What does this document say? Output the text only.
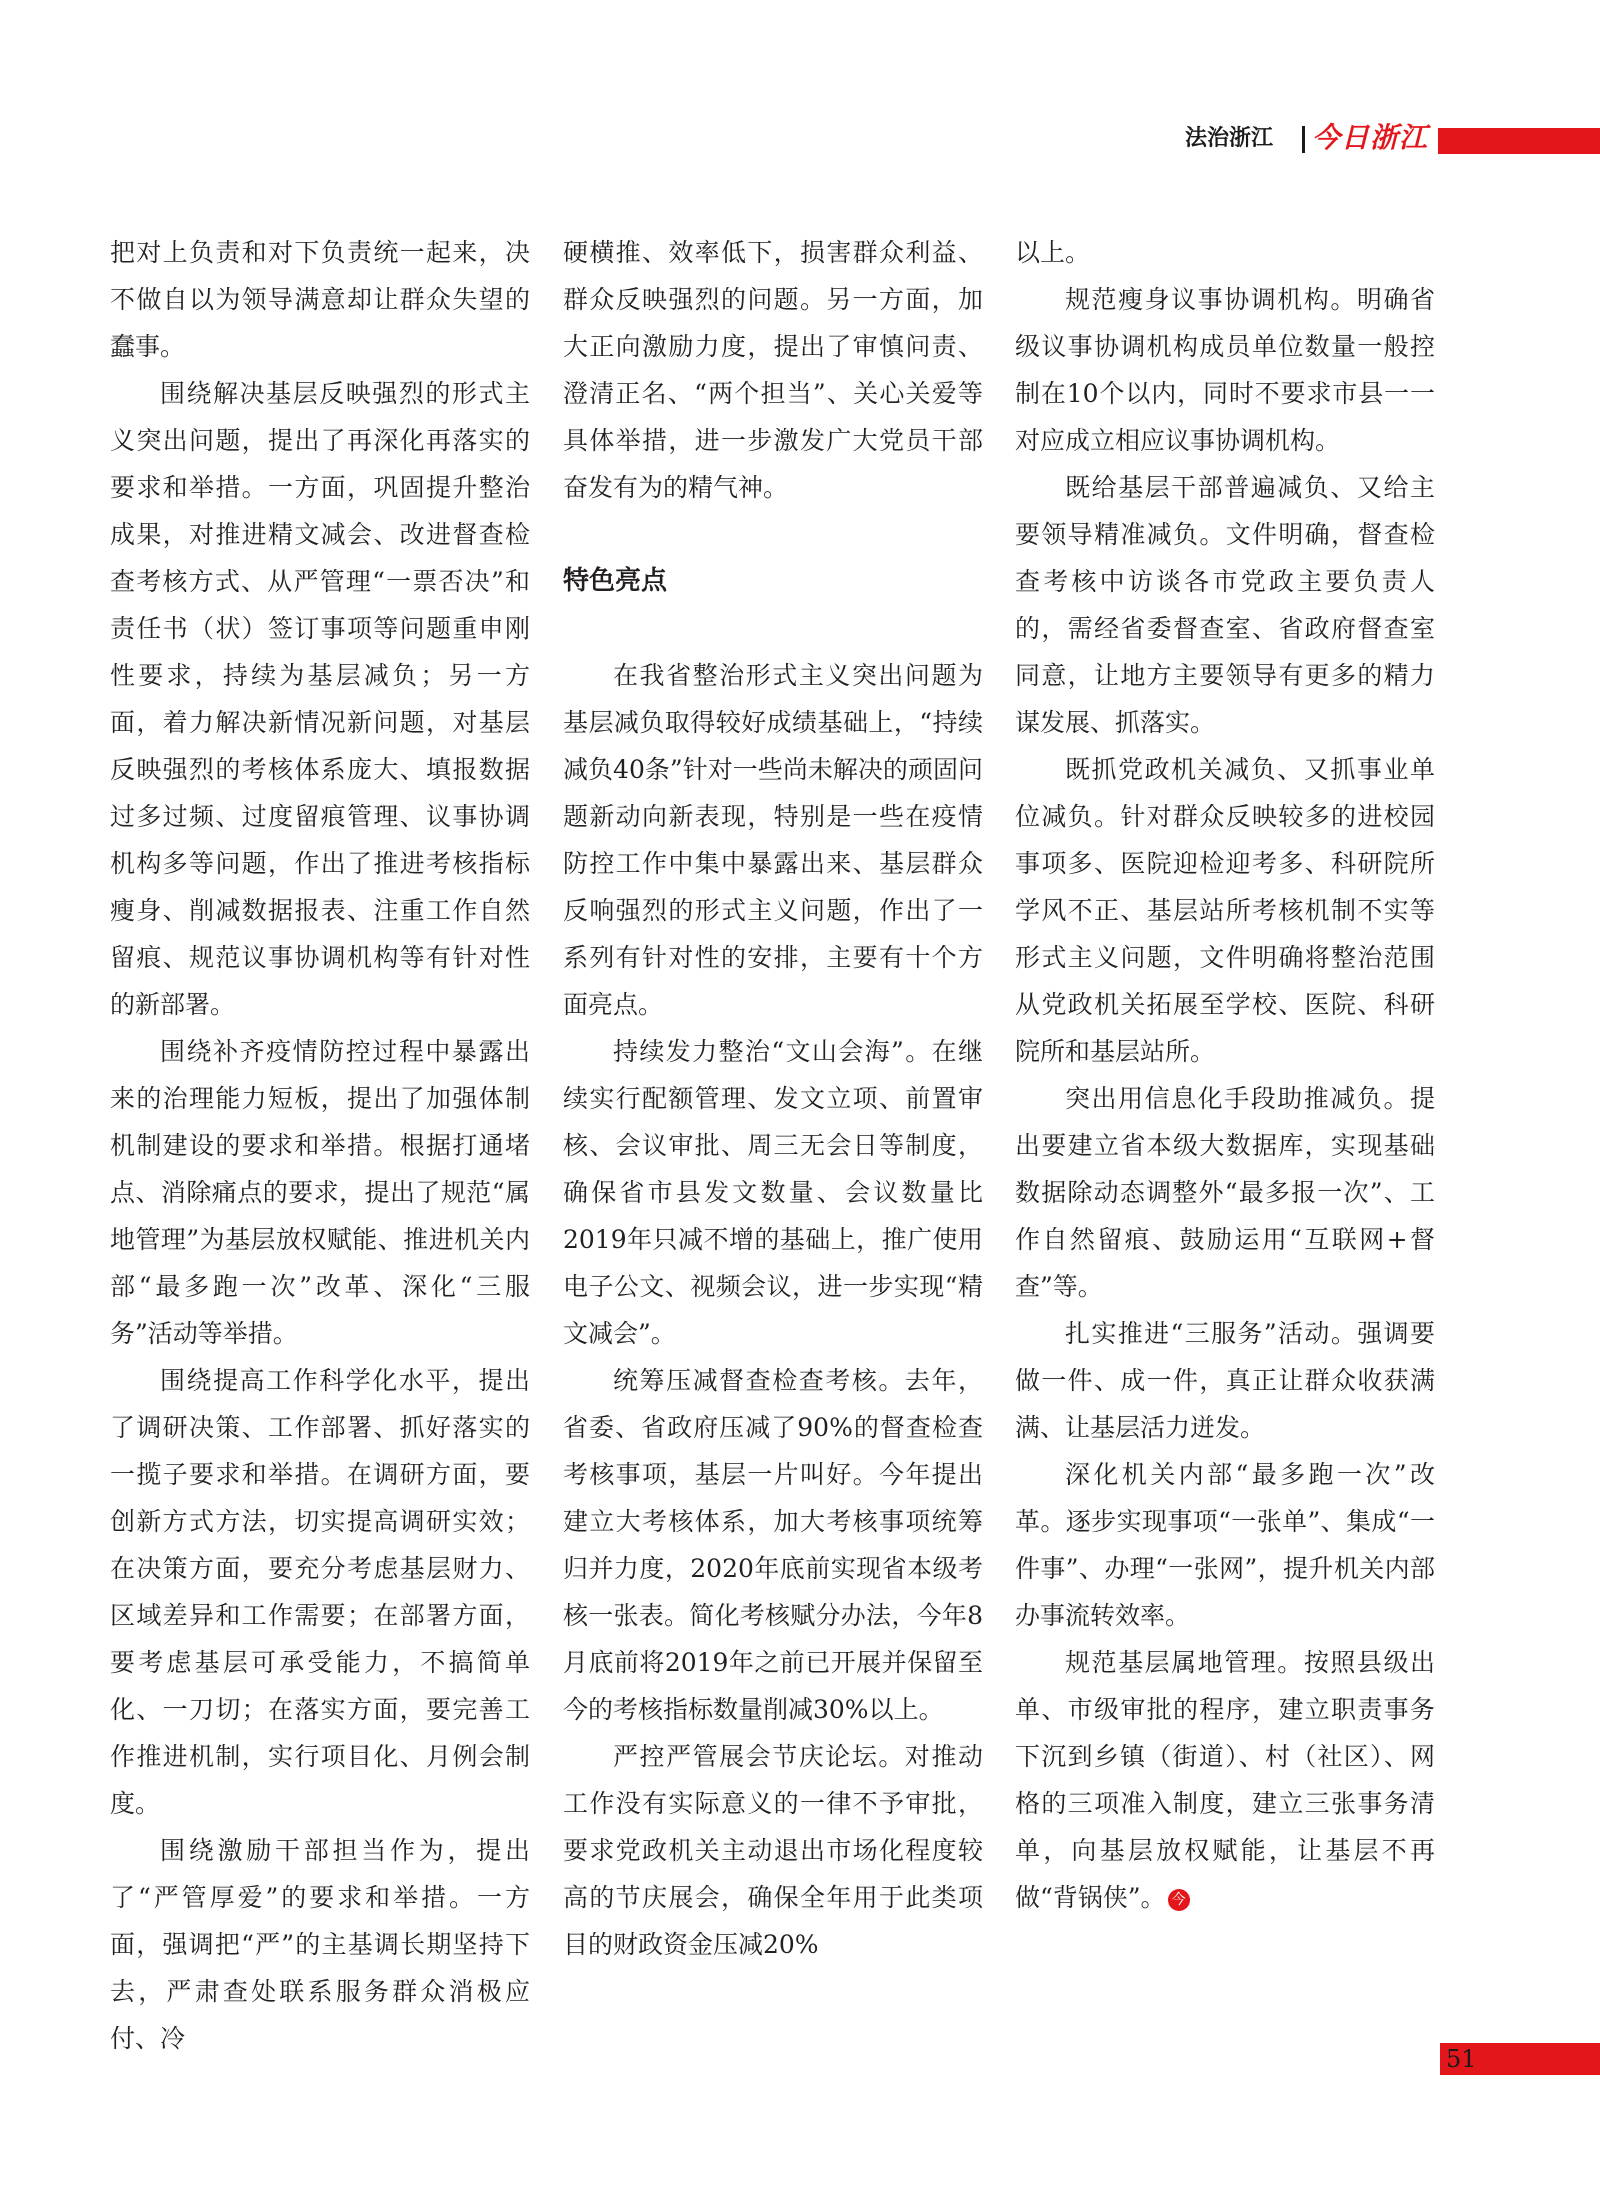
法治浙江 今日浙江

把对上负责和对下负责统一起来，决不做自以为领导满意却让群众失望的蠢事。

围绕解决基层反映强烈的形式主义突出问题，提出了再深化再落实的要求和举措。一方面，巩固提升整治成果，对推进精文减会、改进督查检查考核方式、从严管理“一票否决”和责任书（状）签订事项等问题重申刚性要求，持续为基层减负；另一方面，着力解决新情况新问题，对基层反映强烈的考核体系庞大、填报数据过多过频、过度留痕管理、议事协调机构多等问题，作出了推进考核指标瘦身、削减数据报表、注重工作自然留痕、规范议事协调机构等有针对性的新部署。

围绕补齐疫情防控过程中暴露出来的治理能力短板，提出了加强体制机制建设的要求和举措。根据打通堵点、消除痛点的要求，提出了规范“属地管理”为基层放权赋能、推进机关内部“最多跑一次”改革、深化“三服务”活动等举措。

围绕提高工作科学化水平，提出了调研决策、工作部署、抓好落实的一揽子要求和举措。在调研方面，要创新方式方法，切实提高调研实效；在决策方面，要充分考虑基层财力、区域差异和工作需要；在部署方面，要考虑基层可承受能力，不搞简单化、一刀切；在落实方面，要完善工作推进机制，实行项目化、月例会制度。

围绕激励干部担当作为，提出了“严管厚爱”的要求和举措。一方面，强调把“严”的主基调长期坚持下去，严肃查处联系服务群众消极应付、冷

硬横推、效率低下，损害群众利益、群众反映强烈的问题。另一方面，加大正向激励力度，提出了审慎问责、澄清正名、“两个担当”、关心关爱等具体举措，进一步激发广大党员干部奋发有为的精气神。

特色亮点

在我省整治形式主义突出问题为基层减负取得较好成绩基础上，“持续减负40条”针对一些尚未解决的顽固问题新动向新表现，特别是一些在疫情防控工作中集中暴露出来、基层群众反响强烈的形式主义问题，作出了一系列有针对性的安排，主要有十个方面亮点。

持续发力整治“文山会海”。在继续实行配额管理、发文立项、前置审核、会议审批、周三无会日等制度，确保省市县发文数量、会议数量比2019年只减不增的基础上，推广使用电子公文、视频会议，进一步实现“精文减会”。

统筹压减督查检查考核。去年，省委、省政府压减了90%的督查检查考核事项，基层一片叫好。今年提出建立大考核体系，加大考核事项统筹归并力度，2020年底前实现省本级考核一张表。简化考核赋分办法，今年8月底前将2019年之前已开展并保留至今的考核指标数量削减30%以上。

严控严管展会节庆论坛。对推动工作没有实际意义的一律不予审批，要求党政机关主动退出市场化程度较高的节庆展会，确保全年用于此类项目的财政资金压减20%

以上。

规范瘦身议事协调机构。明确省级议事协调机构成员单位数量一般控制在10个以内，同时不要求市县一一对应成立相应议事协调机构。

既给基层干部普遍减负、又给主要领导精准减负。文件明确，督查检查考核中访谈各市党政主要负责人的，需经省委督查室、省政府督查室同意，让地方主要领导有更多的精力谋发展、抓落实。

既抓党政机关减负、又抓事业单位减负。针对群众反映较多的进校园事项多、医院迎检迎考多、科研院所学风不正、基层站所考核机制不实等形式主义问题，文件明确将整治范围从党政机关拓展至学校、医院、科研院所和基层站所。

突出用信息化手段助推减负。提出要建立省本级大数据库，实现基础数据除动态调整外“最多报一次”、工作自然留痕、鼓励运用“互联网+督查”等。

扎实推进“三服务”活动。强调要做一件、成一件，真正让群众收获满满、让基层活力迸发。

深化机关内部“最多跑一次”改革。逐步实现事项“一张单”、集成“一件事”、办理“一张网”，提升机关内部办事流转效率。

规范基层属地管理。按照县级出单、市级审批的程序，建立职责事务下沉到乡镇（街道）、村（社区）、网格的三项准入制度，建立三张事务清单，向基层放权赋能，让基层不再做“背锅侠”。 今

51
